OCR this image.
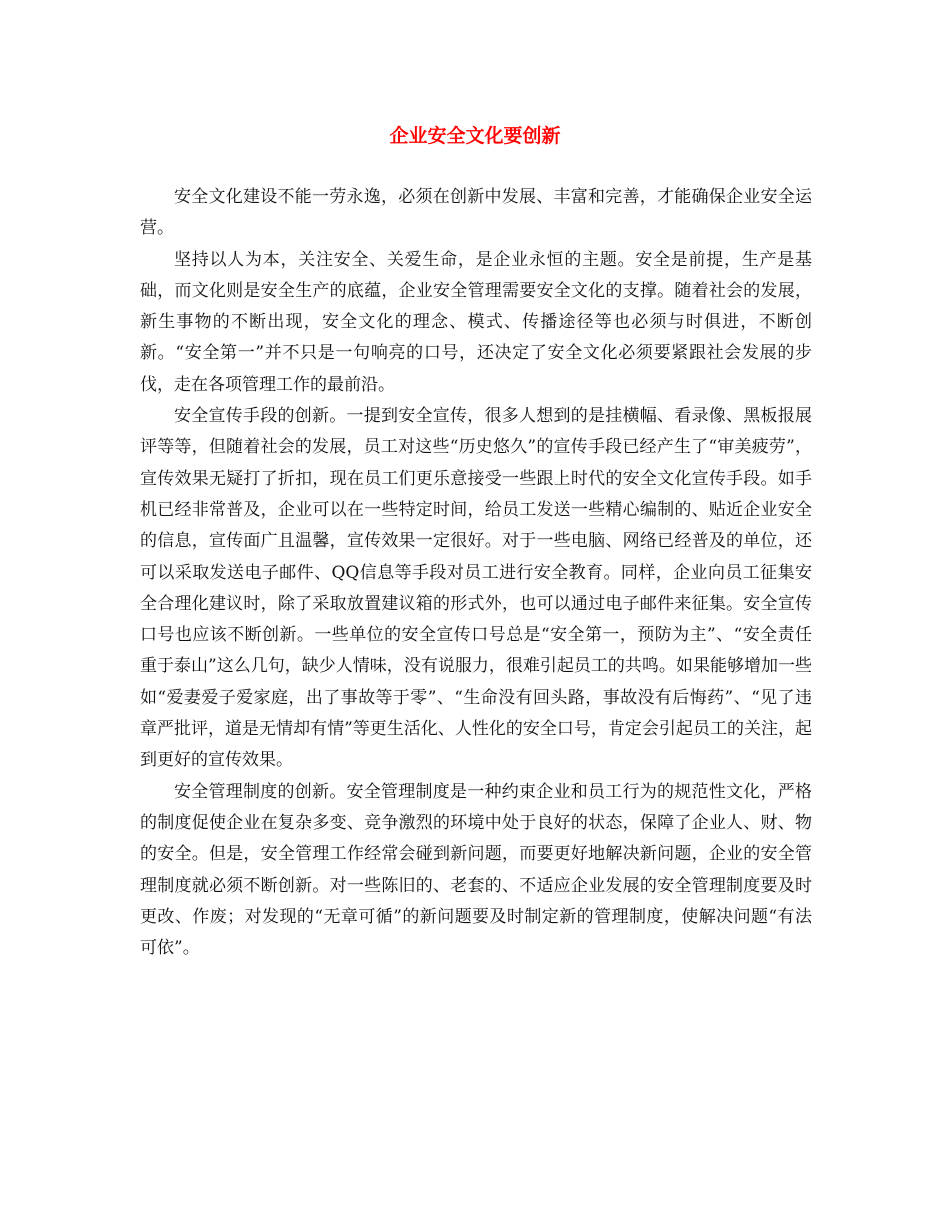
企业安全文化要创新

安全文化建设不能一劳永逸，必须在创新中发展、丰富和完善，才能确保企业安全运营。

坚持以人为本，关注安全、关爱生命，是企业永恒的主题。安全是前提，生产是基础，而文化则是安全生产的底蕴，企业安全管理需要安全文化的支撑。随着社会的发展，新生事物的不断出现，安全文化的理念、模式、传播途径等也必须与时俱进，不断创新。“安全第一”并不只是一句响亮的口号，还决定了安全文化必须要紧跟社会发展的步伐，走在各项管理工作的最前沿。

安全宣传手段的创新。一提到安全宣传，很多人想到的是挂横幅、看录像、黑板报展评等等，但随着社会的发展，员工对这些“历史悠久”的宣传手段已经产生了“审美疲劳”，宣传效果无疑打了折扣，现在员工们更乐意接受一些跟上时代的安全文化宣传手段。如手机已经非常普及，企业可以在一些特定时间，给员工发送一些精心编制的、贴近企业安全的信息，宣传面广且温馨，宣传效果一定很好。对于一些电脑、网络已经普及的单位，还可以采取发送电子邮件、QQ信息等手段对员工进行安全教育。同样，企业向员工征集安全合理化建议时，除了采取放置建议箱的形式外，也可以通过电子邮件来征集。安全宣传口号也应该不断创新。一些单位的安全宣传口号总是“安全第一，预防为主”、“安全责任重于泰山”这么几句，缺少人情味，没有说服力，很难引起员工的共鸣。如果能够增加一些如“爱妻爱子爱家庭，出了事故等于零”、“生命没有回头路，事故没有后悔药”、“见了违章严批评，道是无情却有情”等更生活化、人性化的安全口号，肯定会引起员工的关注，起到更好的宣传效果。

安全管理制度的创新。安全管理制度是一种约束企业和员工行为的规范性文化，严格的制度促使企业在复杂多变、竞争激烈的环境中处于良好的状态，保障了企业人、财、物的安全。但是，安全管理工作经常会碰到新问题，而要更好地解决新问题，企业的安全管理制度就必须不断创新。对一些陈旧的、老套的、不适应企业发展的安全管理制度要及时更改、作废；对发现的“无章可循”的新问题要及时制定新的管理制度，使解决问题“有法可依”。
